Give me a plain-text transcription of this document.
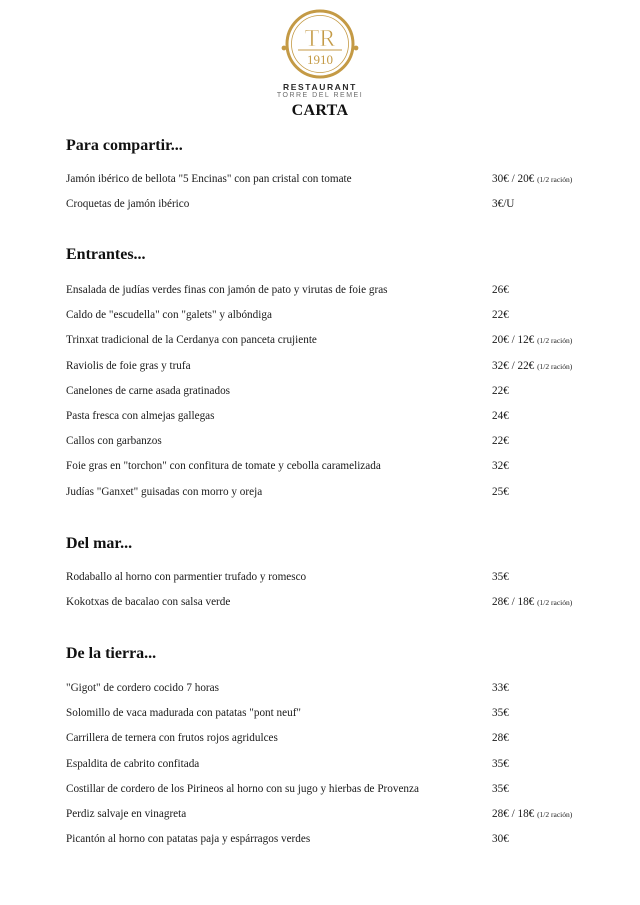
TR
1910
RESTAURANT
TORRE DEL REMEI
CARTA
Para compartir...
Jamón ibérico de bellota "5 Encinas" con pan cristal con tomate	30€ / 20€ (1/2 ración)
Croquetas de jamón ibérico	3€/U
Entrantes...
Ensalada de judías verdes finas con jamón de pato y virutas de foie gras	26€
Caldo de "escudella" con "galets" y albóndiga	22€
Trinxat tradicional de la Cerdanya con panceta crujiente	20€ / 12€ (1/2 ración)
Raviolis de foie gras y trufa	32€ / 22€ (1/2 ración)
Canelones de carne asada gratinados	22€
Pasta fresca con almejas gallegas	24€
Callos con garbanzos	22€
Foie gras en "torchon" con confitura de tomate y cebolla caramelizada	32€
Judías "Ganxet" guisadas con morro y oreja	25€
Del mar...
Rodaballo al horno con parmentier trufado y romesco	35€
Kokotxas de bacalao con salsa verde	28€ / 18€ (1/2 ración)
De la tierra...
"Gigot" de cordero cocido 7 horas	33€
Solomillo de vaca madurada con patatas "pont neuf"	35€
Carrillera de ternera con frutos rojos agridulces	28€
Espaldita de cabrito confitada	35€
Costillar de cordero de los Pirineos al horno con su jugo y hierbas de Provenza	35€
Perdiz salvaje en vinagreta	28€ / 18€ (1/2 ración)
Picantón al horno con patatas paja y espárragos verdes	30€
